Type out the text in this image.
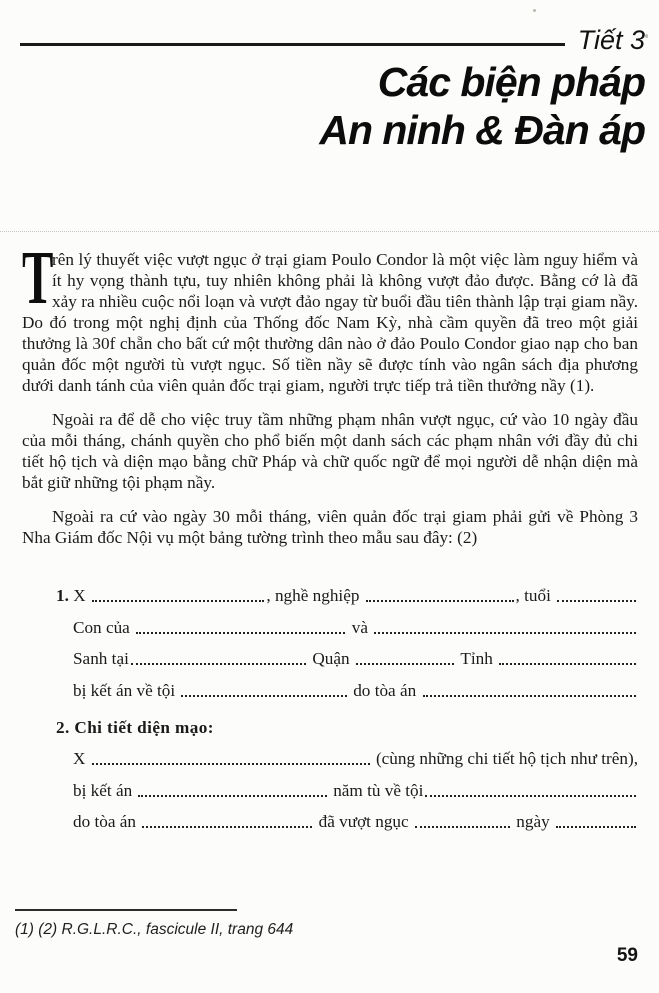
Tiết 3
Các biện pháp
An ninh & Đàn áp

T
rên lý thuyết việc vượt ngục ở trại giam Poulo Condor là một việc làm nguy hiểm và ít hy vọng thành tựu, tuy nhiên không phải là không vượt đảo được. Bằng cớ là đã xảy ra nhiều cuộc nổi loạn và vượt đảo ngay từ buổi đầu tiên thành lập trại giam nầy. Do đó trong một nghị định của Thống đốc Nam Kỳ, nhà cầm quyền đã treo một giải thưởng là 30f chẵn cho bất cứ một thường dân nào ở đảo Poulo Condor giao nạp cho ban quản đốc một người tù vượt ngục. Số tiền nầy sẽ được tính vào ngân sách địa phương dưới danh tánh của viên quản đốc trại giam, người trực tiếp trả tiền thưởng nầy (1).

Ngoài ra để dễ cho việc truy tầm những phạm nhân vượt ngục, cứ vào 10 ngày đầu của mỗi tháng, chánh quyền cho phổ biến một danh sách các phạm nhân với đầy đủ chi tiết hộ tịch và diện mạo bằng chữ Pháp và chữ quốc ngữ để mọi người dễ nhận diện mà bắt giữ những tội phạm nầy.

Ngoài ra cứ vào ngày 30 mỗi tháng, viên quản đốc trại giam phải gửi về Phòng 3 Nha Giám đốc Nội vụ một bảng tường trình theo mẫu sau đây: (2)

1. X	, nghề nghiệp	, tuổi
Con của	và
Sanh tại	Quận	Tỉnh
bị kết án về tội	do tòa án
2. Chi tiết diện mạo:
X	(cùng những chi tiết hộ tịch như trên),
bị kết án	năm tù về tội
do tòa án	đã vượt ngục	ngày
(1) (2) R.G.L.R.C., fascicule II, trang 644
59
